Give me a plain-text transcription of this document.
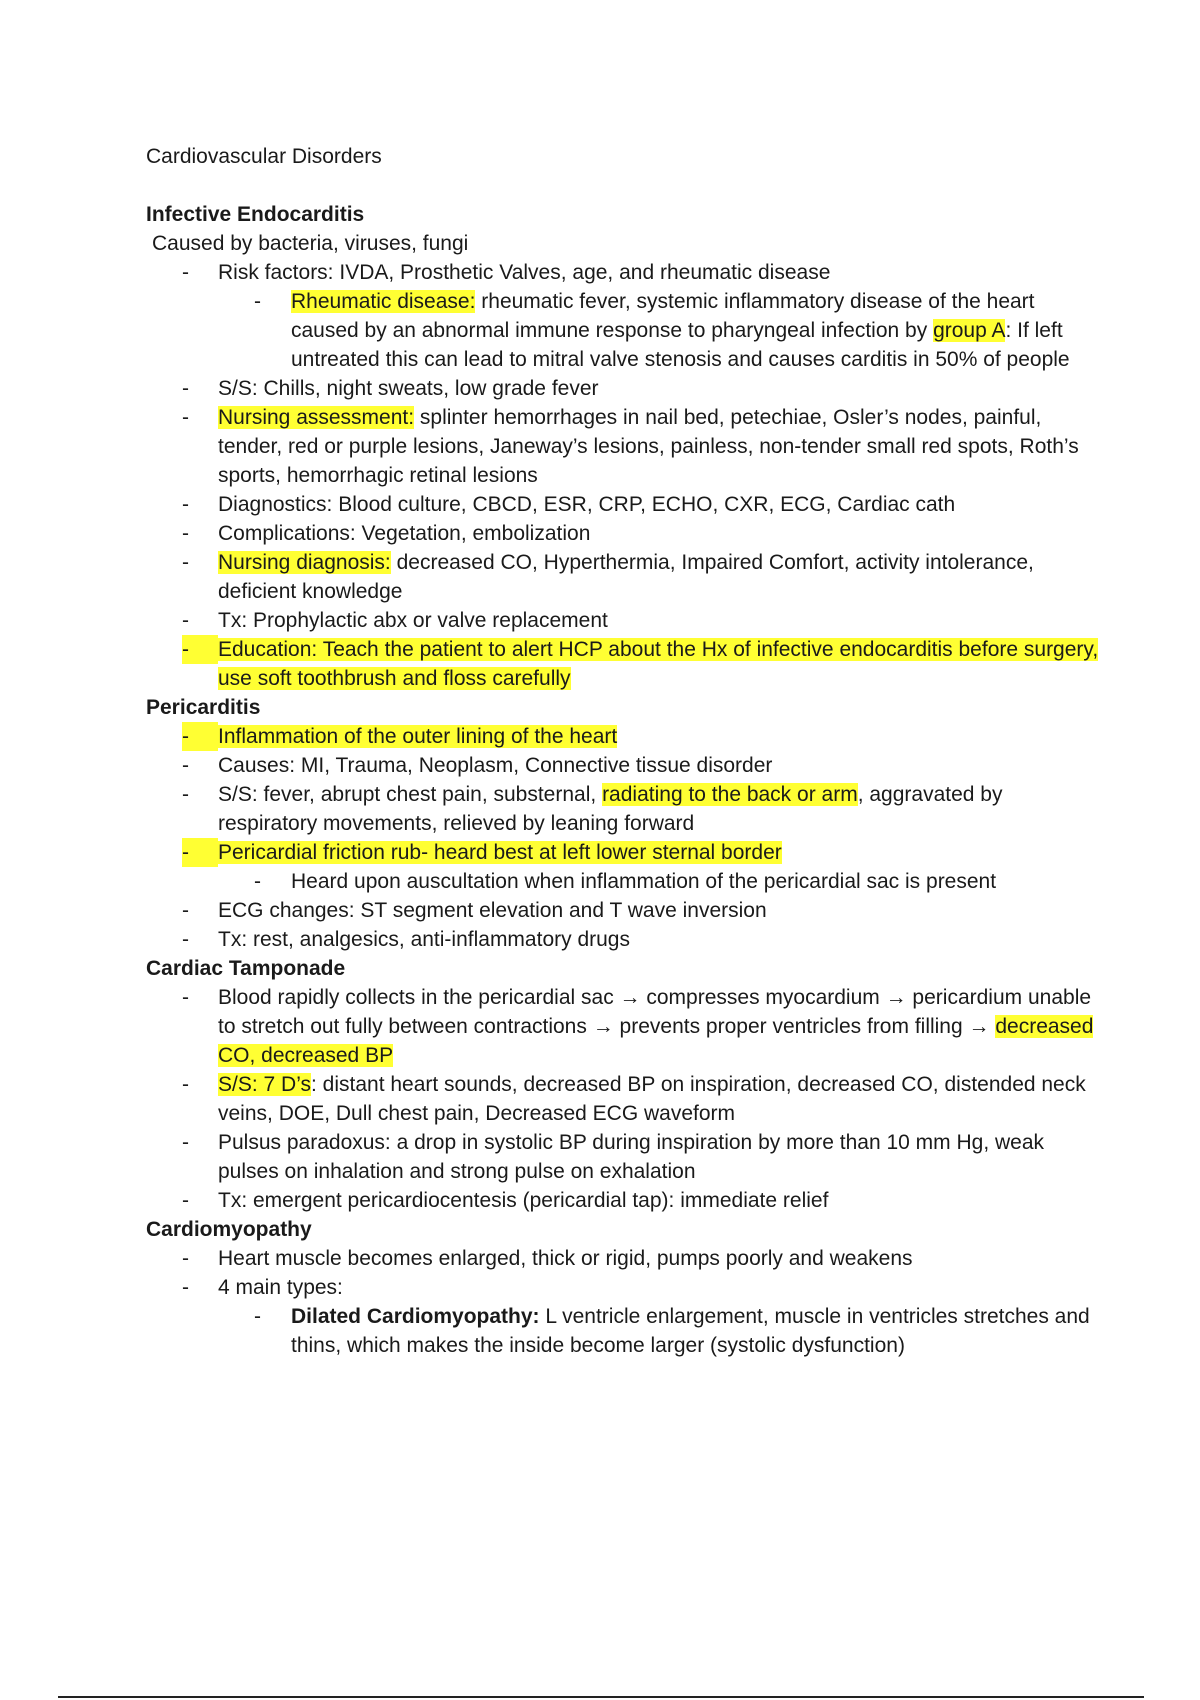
Cardiovascular Disorders
Infective Endocarditis
Caused by bacteria, viruses, fungi
- Risk factors: IVDA, Prosthetic Valves, age, and rheumatic disease
- Rheumatic disease: rheumatic fever, systemic inflammatory disease of the heart caused by an abnormal immune response to pharyngeal infection by group A: If left untreated this can lead to mitral valve stenosis and causes carditis in 50% of people
- S/S: Chills, night sweats, low grade fever
- Nursing assessment: splinter hemorrhages in nail bed, petechiae, Osler’s nodes, painful, tender, red or purple lesions, Janeway’s lesions, painless, non-tender small red spots, Roth’s sports, hemorrhagic retinal lesions
- Diagnostics: Blood culture, CBCD, ESR, CRP, ECHO, CXR, ECG, Cardiac cath
- Complications: Vegetation, embolization
- Nursing diagnosis: decreased CO, Hyperthermia, Impaired Comfort, activity intolerance, deficient knowledge
- Tx: Prophylactic abx or valve replacement
-	Education: Teach the patient to alert HCP about the Hx of infective endocarditis before surgery, use soft toothbrush and floss carefully
Pericarditis
-	Inflammation of the outer lining of the heart
- Causes: MI, Trauma, Neoplasm, Connective tissue disorder
- S/S: fever, abrupt chest pain, substernal, radiating to the back or arm, aggravated by respiratory movements, relieved by leaning forward
-	Pericardial friction rub- heard best at left lower sternal border
- Heard upon auscultation when inflammation of the pericardial sac is present
- ECG changes: ST segment elevation and T wave inversion
- Tx: rest, analgesics, anti-inflammatory drugs
Cardiac Tamponade
- Blood rapidly collects in the pericardial sac → compresses myocardium → pericardium unable to stretch out fully between contractions → prevents proper ventricles from filling → decreased CO, decreased BP
- S/S: 7 D’s: distant heart sounds, decreased BP on inspiration, decreased CO, distended neck veins, DOE, Dull chest pain, Decreased ECG waveform
- Pulsus paradoxus: a drop in systolic BP during inspiration by more than 10 mm Hg, weak pulses on inhalation and strong pulse on exhalation
- Tx: emergent pericardiocentesis (pericardial tap): immediate relief
Cardiomyopathy
- Heart muscle becomes enlarged, thick or rigid, pumps poorly and weakens
- 4 main types:
- Dilated Cardiomyopathy: L ventricle enlargement, muscle in ventricles stretches and thins, which makes the inside become larger (systolic dysfunction)
